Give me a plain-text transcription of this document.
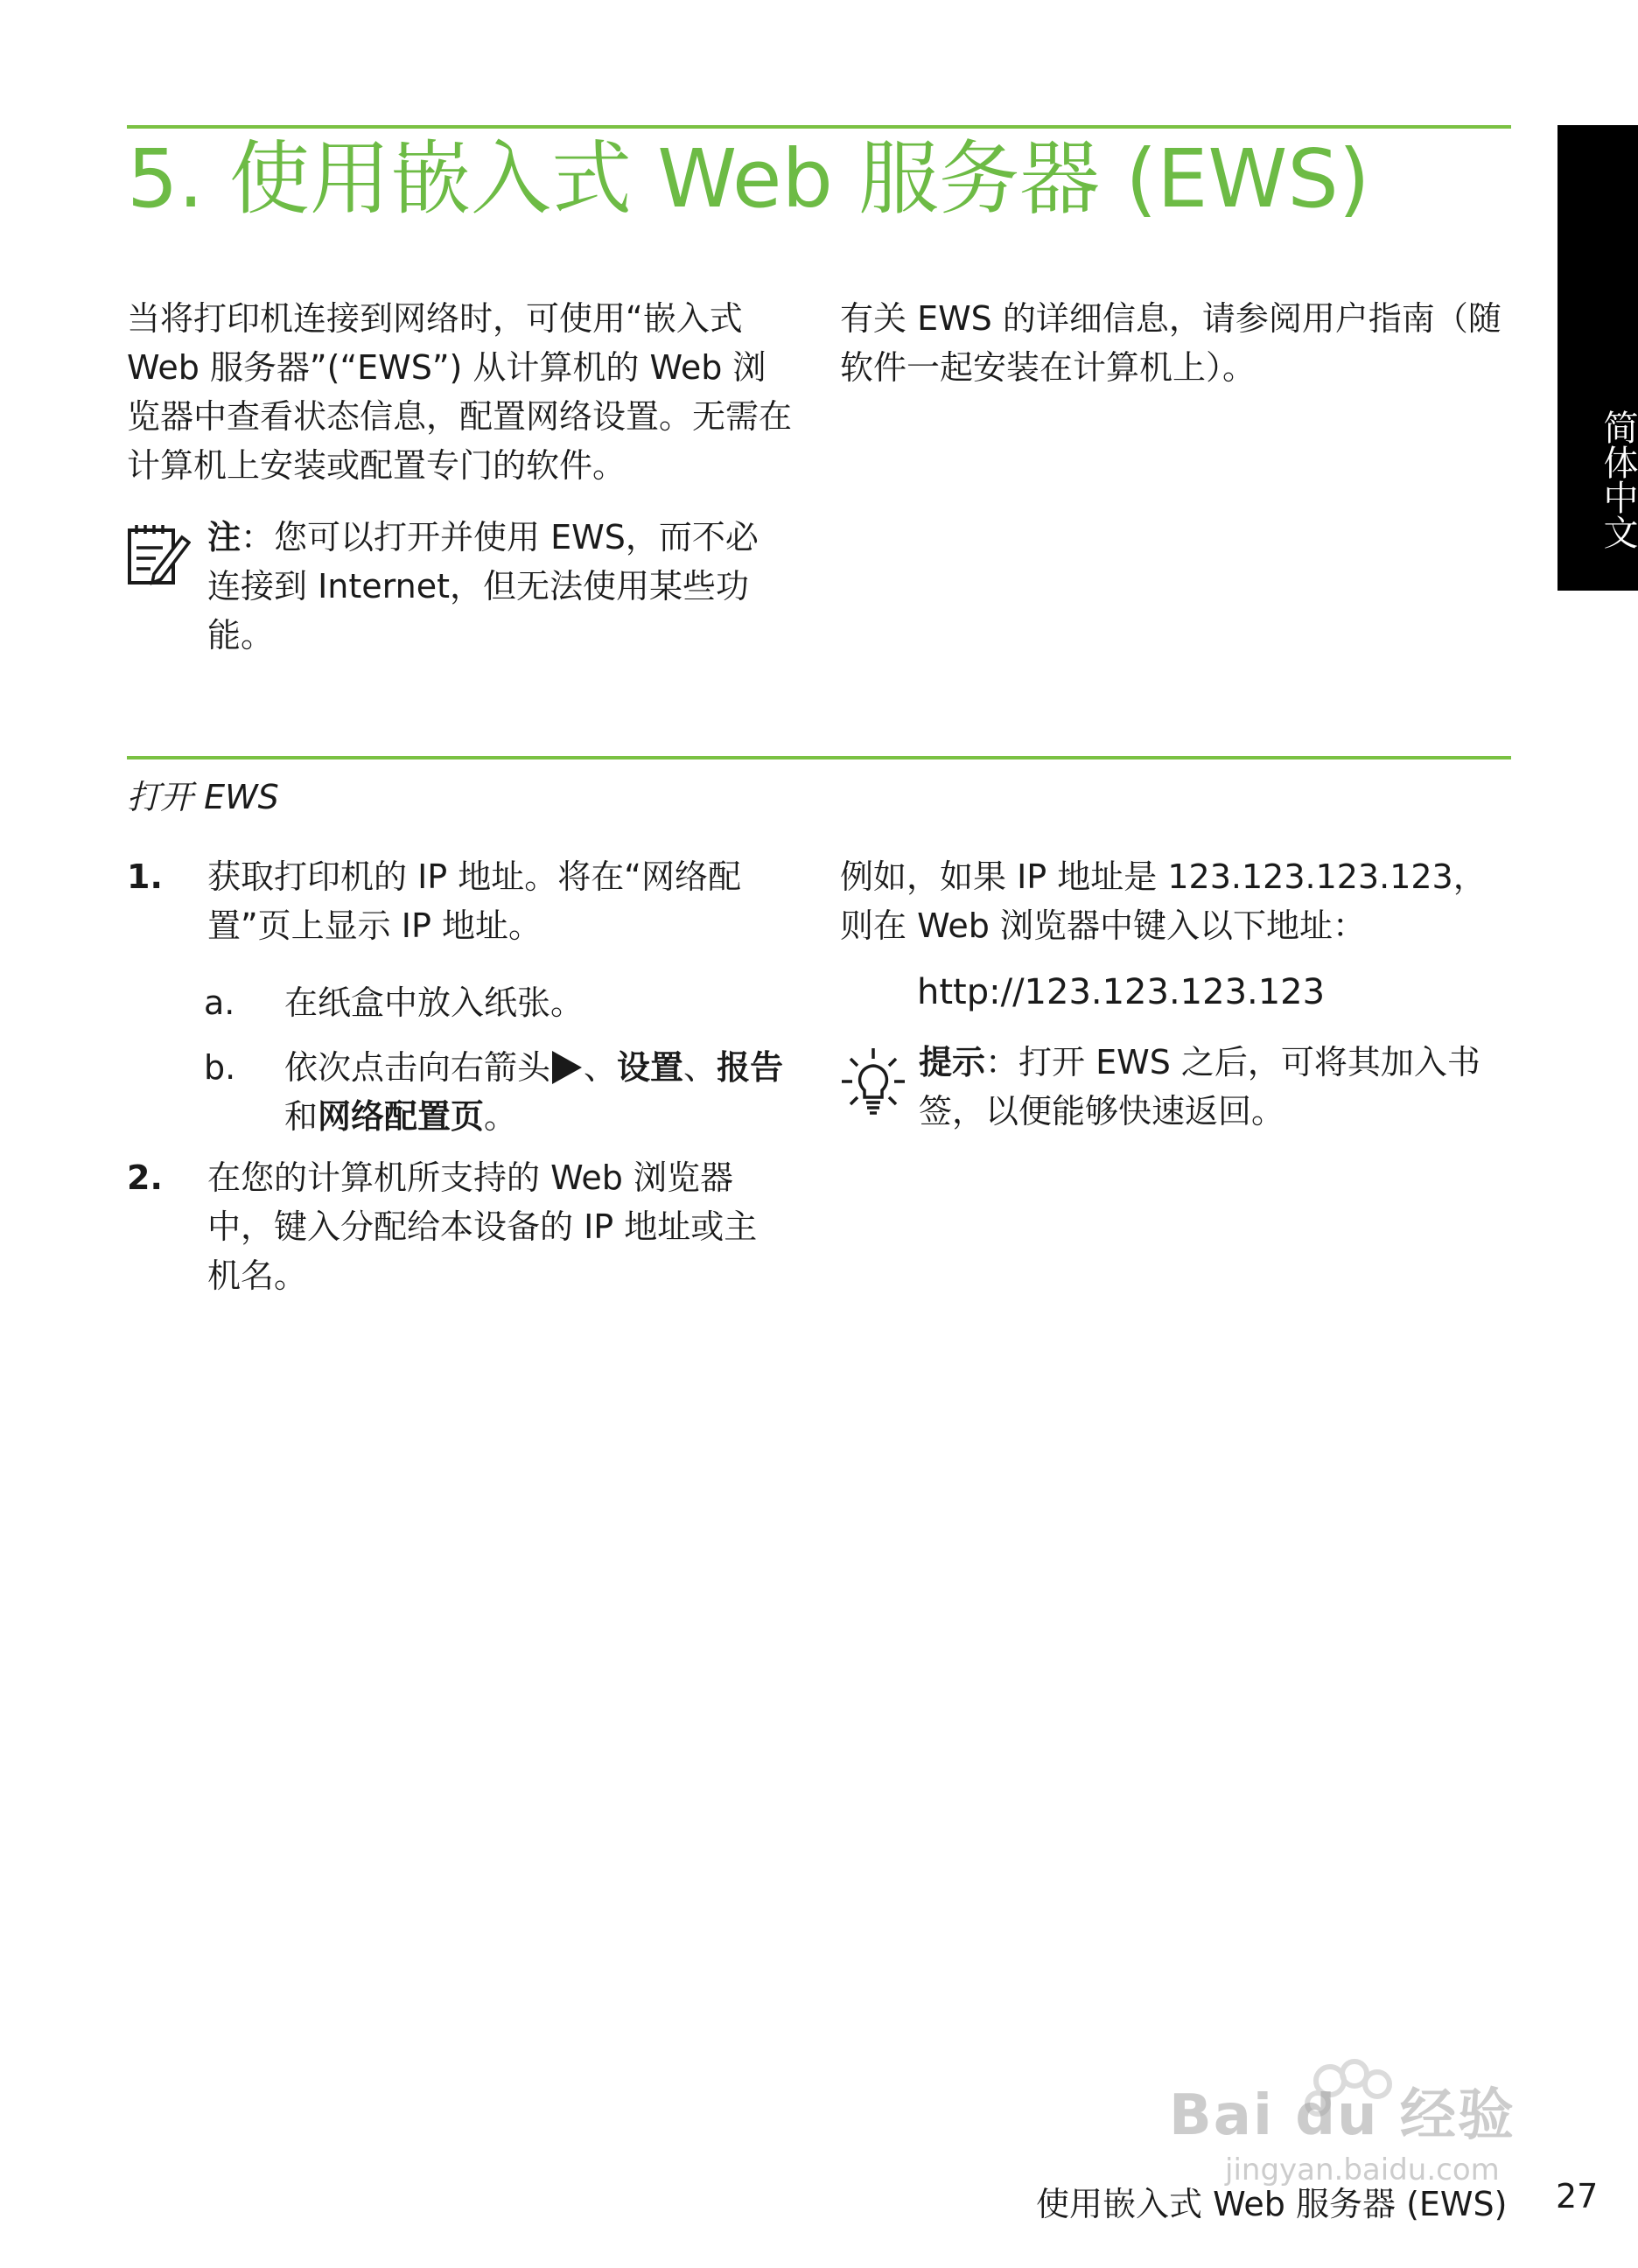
5. 使用嵌入式 Web 服务器 (EWS)
简体中文

当将打印机连接到网络时，可使用“嵌入式 Web 服务器”(“EWS”) 从计算机的 Web 浏览器中查看状态信息，配置网络设置。无需在计算机上安装或配置专门的软件。

有关 EWS 的详细信息，请参阅用户指南（随软件一起安装在计算机上）。

注：您可以打开并使用 EWS，而不必连接到 Internet，但无法使用某些功能。

打开 EWS
1. 获取打印机的 IP 地址。将在“网络配置”页上显示 IP 地址。

a. 在纸盒中放入纸张。

b. 依次点击向右箭头 、设置、报告和网络配置页。

2. 在您的计算机所支持的 Web 浏览器中，键入分配给本设备的 IP 地址或主机名。

例如，如果 IP 地址是 123.123.123.123，则在 Web 浏览器中键入以下地址：

http://123.123.123.123

提示：打开 EWS 之后，可将其加入书签，以便能够快速返回。

Bai du 经验
jingyan.baidu.com
使用嵌入式 Web 服务器 (EWS) 27
